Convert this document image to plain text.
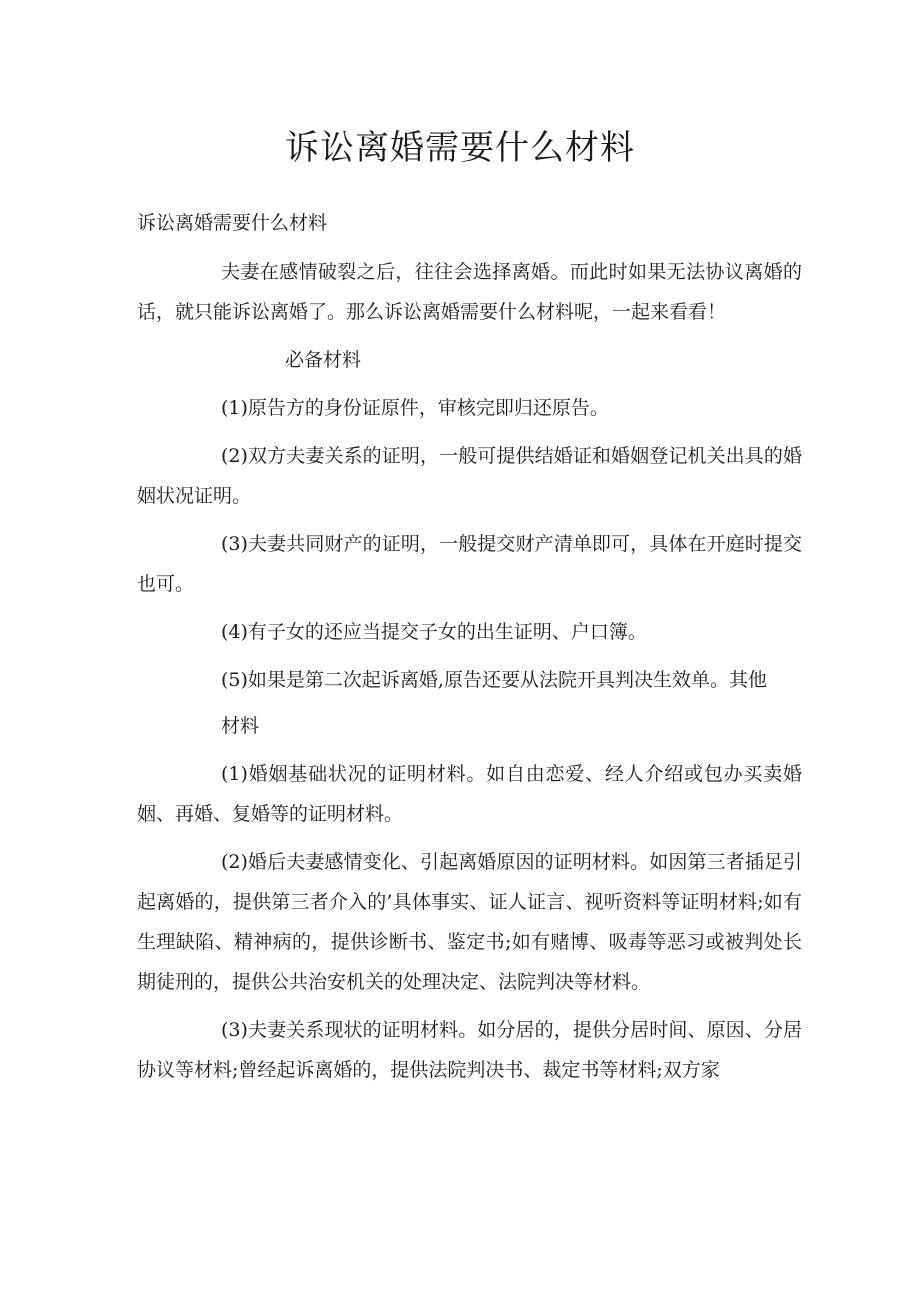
诉讼离婚需要什么材料

诉讼离婚需要什么材料

夫妻在感情破裂之后，往往会选择离婚。而此时如果无法协议离婚的话，就只能诉讼离婚了。那么诉讼离婚需要什么材料呢，一起来看看！

必备材料

(1)原告方的身份证原件，审核完即归还原告。

(2)双方夫妻关系的证明，一般可提供结婚证和婚姻登记机关出具的婚姻状况证明。

(3)夫妻共同财产的证明，一般提交财产清单即可，具体在开庭时提交也可。

(4)有子女的还应当提交子女的出生证明、户口簿。

(5)如果是第二次起诉离婚,原告还要从法院开具判决生效单。其他

材料

(1)婚姻基础状况的证明材料。如自由恋爱、经人介绍或包办买卖婚姻、再婚、复婚等的证明材料。

(2)婚后夫妻感情变化、引起离婚原因的证明材料。如因第三者插足引起离婚的，提供第三者介入的’具体事实、证人证言、视听资料等证明材料;如有生理缺陷、精神病的，提供诊断书、鉴定书;如有赌博、吸毒等恶习或被判处长期徒刑的，提供公共治安机关的处理决定、法院判决等材料。

(3)夫妻关系现状的证明材料。如分居的，提供分居时间、原因、分居协议等材料;曾经起诉离婚的，提供法院判决书、裁定书等材料;双方家
